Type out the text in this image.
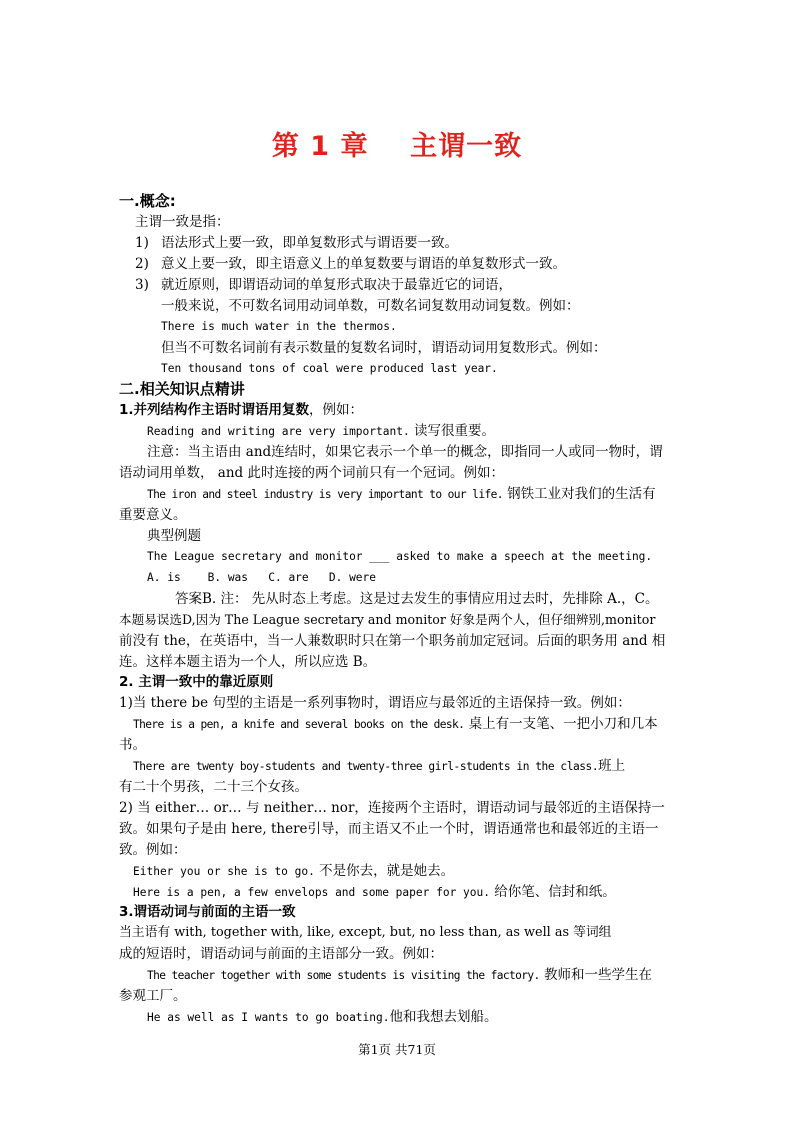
第 1 章    主谓一致
一.概念:
主谓一致是指：
1) 语法形式上要一致，即单复数形式与谓语要一致。
2) 意义上要一致，即主语意义上的单复数要与谓语的单复数形式一致。
3) 就近原则，即谓语动词的单复形式取决于最靠近它的词语，
一般来说，不可数名词用动词单数，可数名词复数用动词复数。例如：
There is much water in the thermos.
但当不可数名词前有表示数量的复数名词时，谓语动词用复数形式。例如：
Ten thousand tons of coal were produced last year.
二.相关知识点精讲
1.并列结构作主语时谓语用复数，例如：
Reading and writing are very important. 读写很重要。
注意：当主语由 and连结时，如果它表示一个单一的概念，即指同一人或同一物时，谓
语动词用单数， and 此时连接的两个词前只有一个冠词。例如：
The iron and steel industry is very important to our life. 钢铁工业对我们的生活有
重要意义。
典型例题
The League secretary and monitor ___ asked to make a speech at the meeting.
A. is    B. was   C. are   D. were
答案B. 注： 先从时态上考虑。这是过去发生的事情应用过去时，先排除 A.，C。
本题易误选D,因为 The League secretary and monitor 好象是两个人，但仔细辨别,monitor
前没有 the，在英语中，当一人兼数职时只在第一个职务前加定冠词。后面的职务用 and 相
连。这样本题主语为一个人，所以应选 B。
2. 主谓一致中的靠近原则
1)当 there be 句型的主语是一系列事物时，谓语应与最邻近的主语保持一致。例如：
There is a pen, a knife and several books on the desk. 桌上有一支笔、一把小刀和几本
书。
There are twenty boy-students and twenty-three girl-students in the class.班上
有二十个男孩，二十三个女孩。
2) 当 either… or… 与 neither… nor，连接两个主语时，谓语动词与最邻近的主语保持一
致。如果句子是由 here, there引导，而主语又不止一个时，谓语通常也和最邻近的主语一
致。例如：
Either you or she is to go. 不是你去，就是她去。
Here is a pen, a few envelops and some paper for you. 给你笔、信封和纸。
3.谓语动词与前面的主语一致
当主语有 with, together with, like, except, but, no less than, as well as 等词组
成的短语时，谓语动词与前面的主语部分一致。例如：
The teacher together with some students is visiting the factory. 教师和一些学生在
参观工厂。
He as well as I wants to go boating.他和我想去划船。
第1页 共71页
